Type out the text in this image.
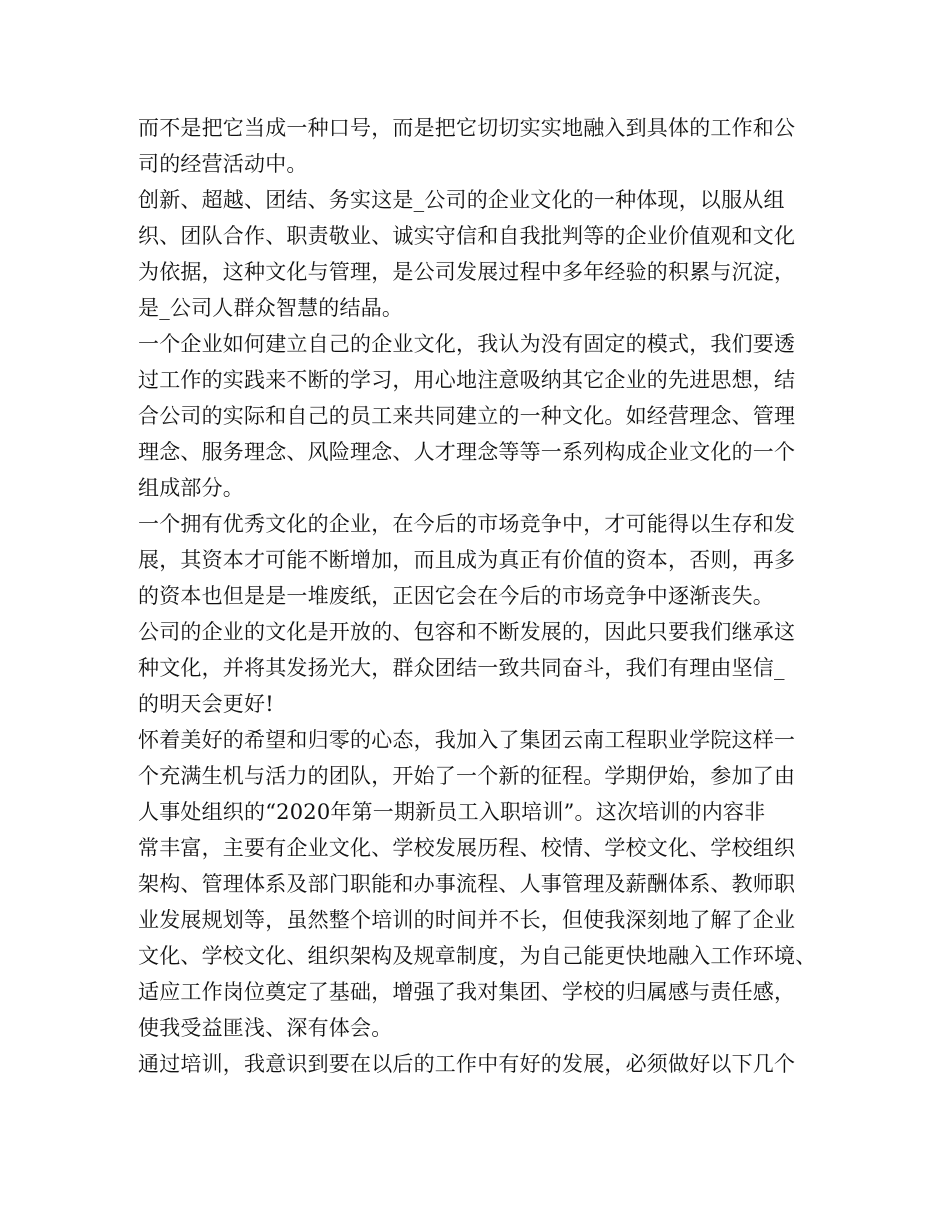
而不是把它当成一种口号，而是把它切切实实地融入到具体的工作和公
司的经营活动中。
创新、超越、团结、务实这是_公司的企业文化的一种体现，以服从组
织、团队合作、职责敬业、诚实守信和自我批判等的企业价值观和文化
为依据，这种文化与管理，是公司发展过程中多年经验的积累与沉淀，
是_公司人群众智慧的结晶。
一个企业如何建立自己的企业文化，我认为没有固定的模式，我们要透
过工作的实践来不断的学习，用心地注意吸纳其它企业的先进思想，结
合公司的实际和自己的员工来共同建立的一种文化。如经营理念、管理
理念、服务理念、风险理念、人才理念等等一系列构成企业文化的一个
组成部分。
一个拥有优秀文化的企业，在今后的市场竞争中，才可能得以生存和发
展，其资本才可能不断增加，而且成为真正有价值的资本，否则，再多
的资本也但是是一堆废纸，正因它会在今后的市场竞争中逐渐丧失。
公司的企业的文化是开放的、包容和不断发展的，因此只要我们继承这
种文化，并将其发扬光大，群众团结一致共同奋斗，我们有理由坚信_
的明天会更好!
怀着美好的希望和归零的心态，我加入了集团云南工程职业学院这样一
个充满生机与活力的团队，开始了一个新的征程。学期伊始，参加了由
人事处组织的“2020年第一期新员工入职培训”。这次培训的内容非
常丰富，主要有企业文化、学校发展历程、校情、学校文化、学校组织
架构、管理体系及部门职能和办事流程、人事管理及薪酬体系、教师职
业发展规划等，虽然整个培训的时间并不长，但使我深刻地了解了企业
文化、学校文化、组织架构及规章制度，为自己能更快地融入工作环境、
适应工作岗位奠定了基础，增强了我对集团、学校的归属感与责任感，
使我受益匪浅、深有体会。
通过培训，我意识到要在以后的工作中有好的发展，必须做好以下几个
